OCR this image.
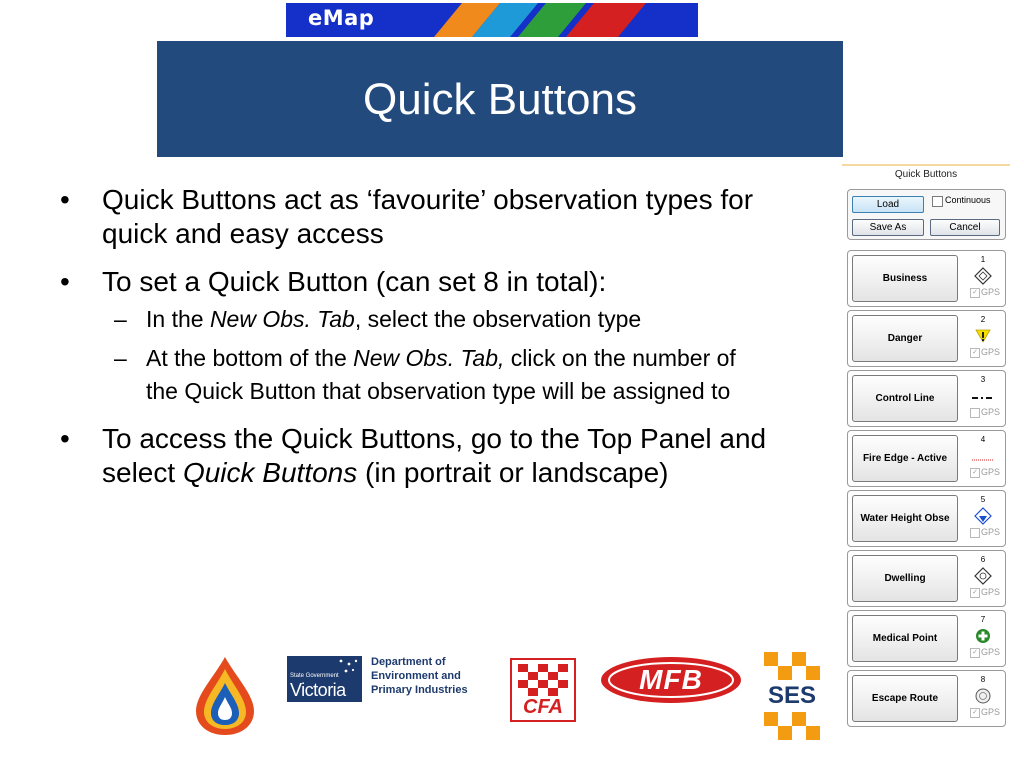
eMap
Quick Buttons
• Quick Buttons act as ‘favourite’ observation types for quick and easy access
• To set a Quick Button (can set 8 in total):
– In the New Obs. Tab, select the observation type
– At the bottom of the New Obs. Tab, click on the number of the Quick Button that observation type will be assigned to
• To access the Quick Buttons, go to the Top Panel and select Quick Buttons (in portrait or landscape)
Quick Buttons
Load	Continuous
Save As	Cancel
Business
1
✓ GPS
Danger
2
✓ GPS
Control Line
3
GPS
Fire Edge - Active
4
✓ GPS
Water Height Obse
5
GPS
Dwelling
6
✓ GPS
Medical Point
7
✓ GPS
Escape Route
8
✓ GPS
State Government
Victoria
Department of
Environment and
Primary Industries
CFA
MFB
SES
